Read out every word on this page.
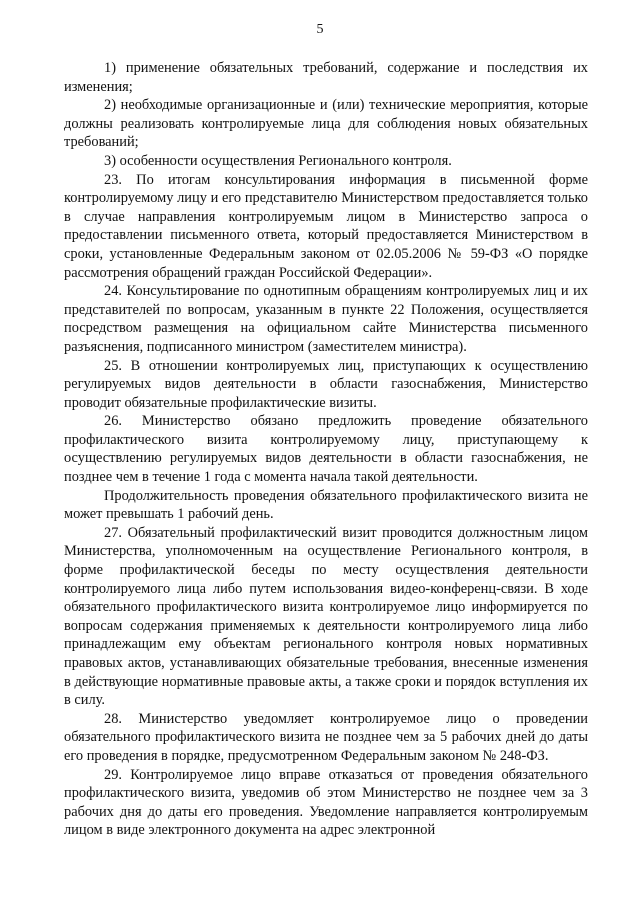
5

1) применение обязательных требований, содержание и последствия их изменения;

2) необходимые организационные и (или) технические мероприятия, которые должны реализовать контролируемые лица для соблюдения новых обязательных требований;

3) особенности осуществления Регионального контроля.

23. По итогам консультирования информация в письменной форме контролируемому лицу и его представителю Министерством предоставляется только в случае направления контролируемым лицом в Министерство запроса о предоставлении письменного ответа, который предоставляется Министерством в сроки, установленные Федеральным законом от 02.05.2006 № 59-ФЗ «О порядке рассмотрения обращений граждан Российской Федерации».

24. Консультирование по однотипным обращениям контролируемых лиц и их представителей по вопросам, указанным в пункте 22 Положения, осуществляется посредством размещения на официальном сайте Министерства письменного разъяснения, подписанного министром (заместителем министра).

25. В отношении контролируемых лиц, приступающих к осуществлению регулируемых видов деятельности в области газоснабжения, Министерство проводит обязательные профилактические визиты.

26. Министерство обязано предложить проведение обязательного профилактического визита контролируемому лицу, приступающему к осуществлению регулируемых видов деятельности в области газоснабжения, не позднее чем в течение 1 года с момента начала такой деятельности.

Продолжительность проведения обязательного профилактического визита не может превышать 1 рабочий день.

27. Обязательный профилактический визит проводится должностным лицом Министерства, уполномоченным на осуществление Регионального контроля, в форме профилактической беседы по месту осуществления деятельности контролируемого лица либо путем использования видео-конференц-связи. В ходе обязательного профилактического визита контролируемое лицо информируется по вопросам содержания применяемых к деятельности контролируемого лица либо принадлежащим ему объектам регионального контроля новых нормативных правовых актов, устанавливающих обязательные требования, внесенные изменения в действующие нормативные правовые акты, а также сроки и порядок вступления их в силу.

28. Министерство уведомляет контролируемое лицо о проведении обязательного профилактического визита не позднее чем за 5 рабочих дней до даты его проведения в порядке, предусмотренном Федеральным законом № 248-ФЗ.

29. Контролируемое лицо вправе отказаться от проведения обязательного профилактического визита, уведомив об этом Министерство не позднее чем за 3 рабочих дня до даты его проведения. Уведомление направляется контролируемым лицом в виде электронного документа на адрес электронной
